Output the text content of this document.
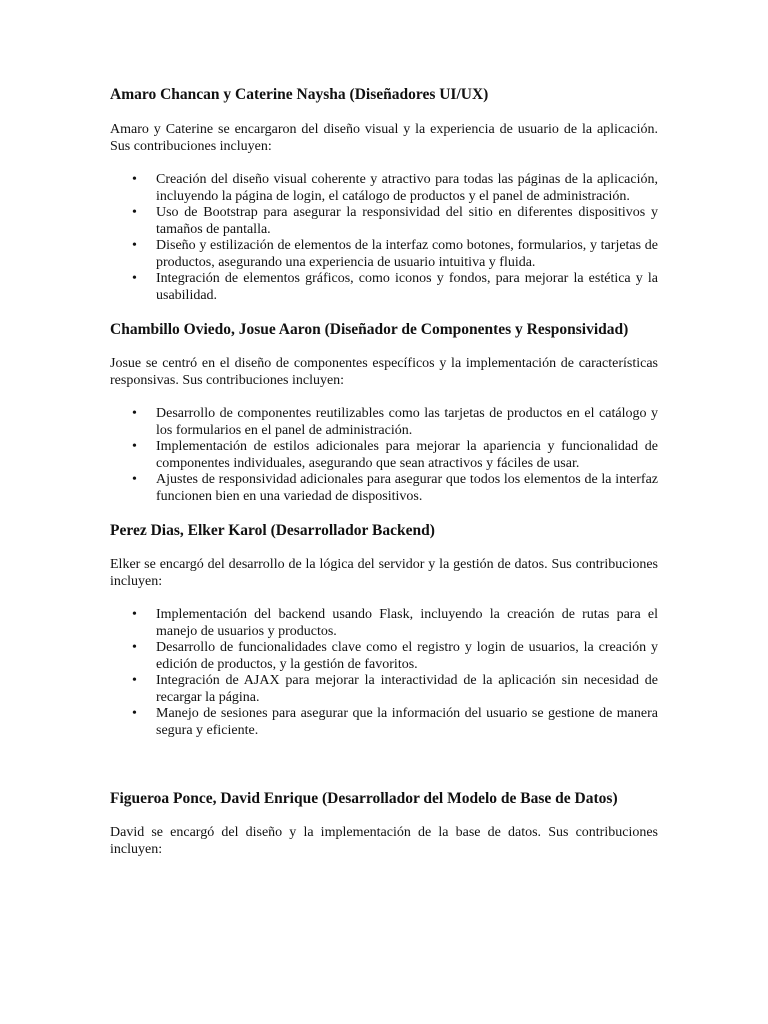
Amaro Chancan y Caterine Naysha (Diseñadores UI/UX)

Amaro y Caterine se encargaron del diseño visual y la experiencia de usuario de la aplicación. Sus contribuciones incluyen:

• Creación del diseño visual coherente y atractivo para todas las páginas de la aplicación, incluyendo la página de login, el catálogo de productos y el panel de administración.
• Uso de Bootstrap para asegurar la responsividad del sitio en diferentes dispositivos y tamaños de pantalla.
• Diseño y estilización de elementos de la interfaz como botones, formularios, y tarjetas de productos, asegurando una experiencia de usuario intuitiva y fluida.
• Integración de elementos gráficos, como iconos y fondos, para mejorar la estética y la usabilidad.
Chambillo Oviedo, Josue Aaron (Diseñador de Componentes y Responsividad)

Josue se centró en el diseño de componentes específicos y la implementación de características responsivas. Sus contribuciones incluyen:

• Desarrollo de componentes reutilizables como las tarjetas de productos en el catálogo y los formularios en el panel de administración.
• Implementación de estilos adicionales para mejorar la apariencia y funcionalidad de componentes individuales, asegurando que sean atractivos y fáciles de usar.
• Ajustes de responsividad adicionales para asegurar que todos los elementos de la interfaz funcionen bien en una variedad de dispositivos.
Perez Dias, Elker Karol (Desarrollador Backend)

Elker se encargó del desarrollo de la lógica del servidor y la gestión de datos. Sus contribuciones incluyen:

• Implementación del backend usando Flask, incluyendo la creación de rutas para el manejo de usuarios y productos.
• Desarrollo de funcionalidades clave como el registro y login de usuarios, la creación y edición de productos, y la gestión de favoritos.
• Integración de AJAX para mejorar la interactividad de la aplicación sin necesidad de recargar la página.
• Manejo de sesiones para asegurar que la información del usuario se gestione de manera segura y eficiente.
Figueroa Ponce, David Enrique (Desarrollador del Modelo de Base de Datos)

David se encargó del diseño y la implementación de la base de datos. Sus contribuciones incluyen:
